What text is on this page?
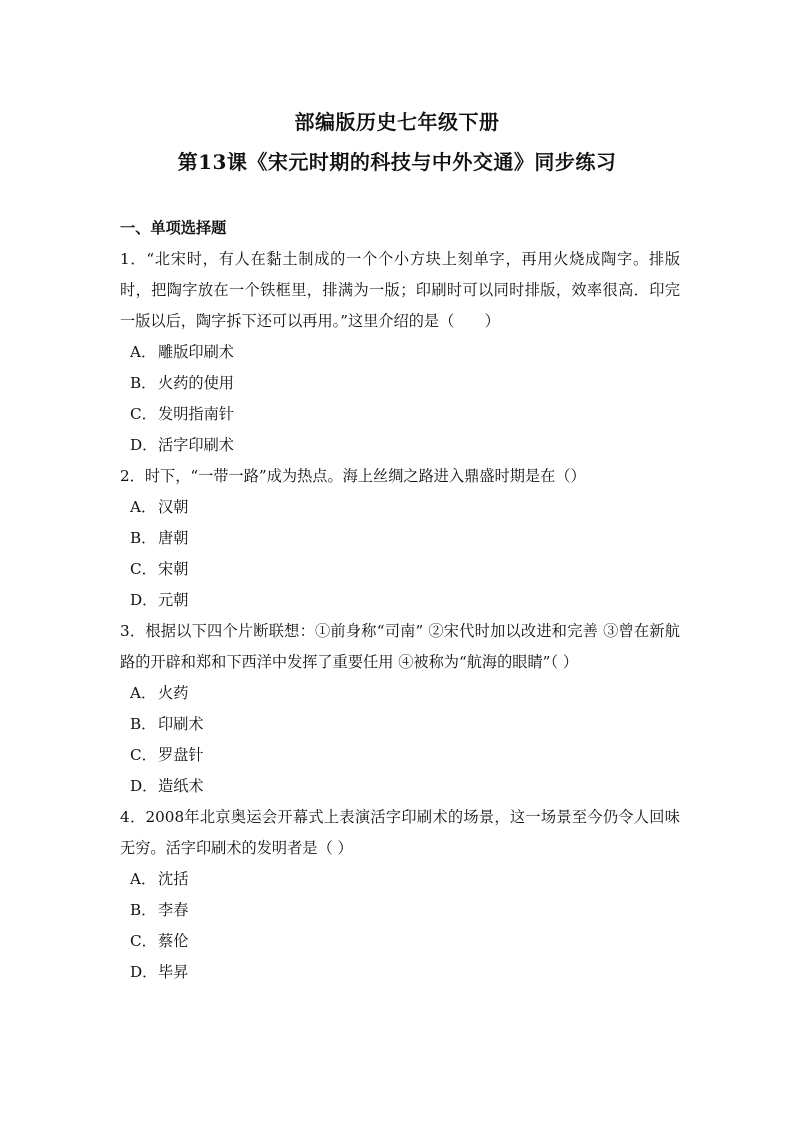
部编版历史七年级下册
第13课《宋元时期的科技与中外交通》同步练习
一、单项选择题
1．“北宋时，有人在黏土制成的一个个小方块上刻单字，再用火烧成陶字。排版时，把陶字放在一个铁框里，排满为一版；印刷时可以同时排版，效率很高．印完一版以后，陶字拆下还可以再用。”这里介绍的是（　　）
A． 雕版印刷术
B． 火药的使用
C．发明指南针
D．活字印刷术
2．时下，“一带一路”成为热点。海上丝绸之路进入鼎盛时期是在（）
A． 汉朝
B． 唐朝
C．宋朝
D．元朝
3．根据以下四个片断联想：①前身称“司南” ②宋代时加以改进和完善 ③曾在新航路的开辟和郑和下西洋中发挥了重要任用 ④被称为“航海的眼睛”（ ）
A． 火药
B． 印刷术
C．罗盘针
D．造纸术
4．2008年北京奥运会开幕式上表演活字印刷术的场景，这一场景至今仍令人回味无穷。活字印刷术的发明者是（ ）
A． 沈括
B． 李春
C．蔡伦
D．毕昇
